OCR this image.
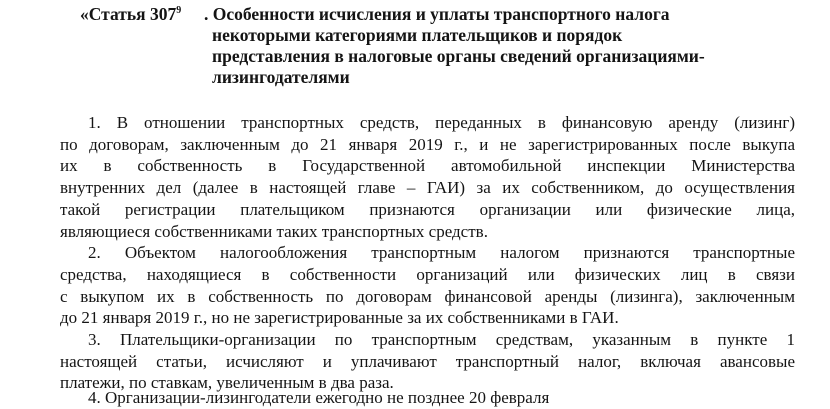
«Статья $307^9$ . Особенности исчисления и уплаты транспортного налога
некоторыми категориями плательщиков и порядок
представления в налоговые органы сведений организациями-
лизингодателями
1. В отношении транспортных средств, переданных в финансовую аренду (лизинг)
по договорам, заключенным до 21 января 2019 г., и не зарегистрированных после выкупа
их в собственность в Государственной автомобильной инспекции Министерства
внутренних дел (далее в настоящей главе – ГАИ) за их собственником, до осуществления
такой регистрации плательщиком признаются организации или физические лица,
являющиеся собственниками таких транспортных средств.
2. Объектом налогообложения транспортным налогом признаются транспортные
средства, находящиеся в собственности организаций или физических лиц в связи
с выкупом их в собственность по договорам финансовой аренды (лизинга), заключенным
до 21 января 2019 г., но не зарегистрированные за их собственниками в ГАИ.
3. Плательщики-организации по транспортным средствам, указанным в пункте 1
настоящей статьи, исчисляют и уплачивают транспортный налог, включая авансовые
платежи, по ставкам, увеличенным в два раза.
4. Организации-лизингодатели ежегодно не позднее 20 февраля
